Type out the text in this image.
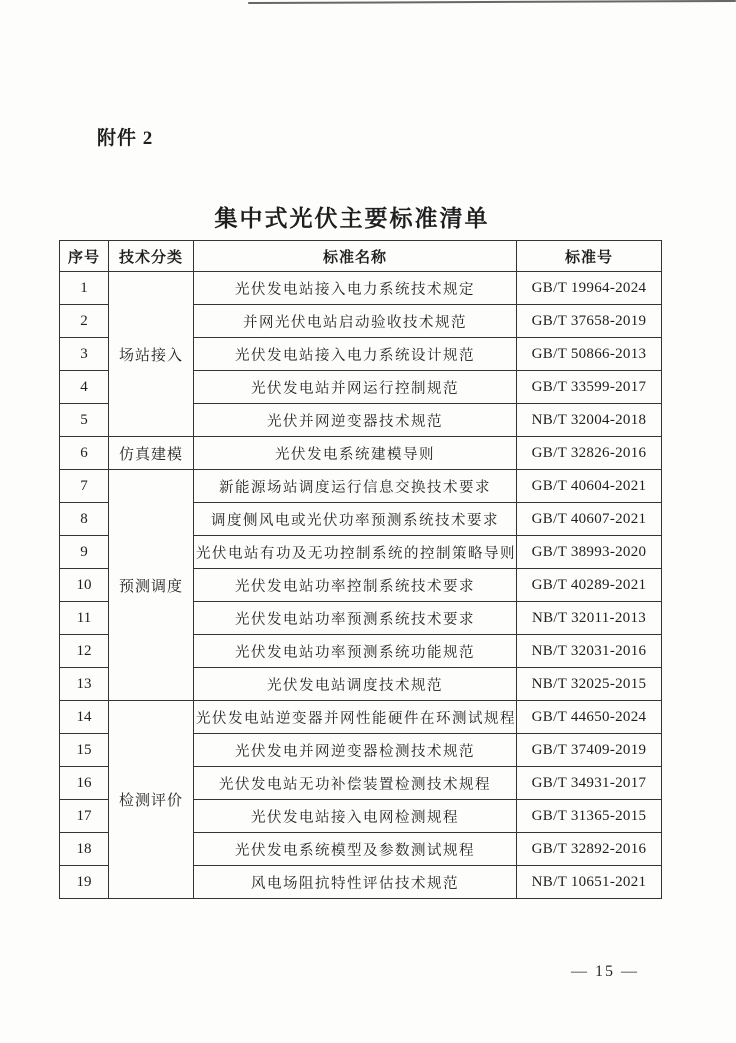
附件 2
集中式光伏主要标准清单
序号	技术分类	标准名称	标准号
1	场站接入	光伏发电站接入电力系统技术规定	GB/T 19964-2024
2		并网光伏电站启动验收技术规范	GB/T 37658-2019
3		光伏发电站接入电力系统设计规范	GB/T 50866-2013
4		光伏发电站并网运行控制规范	GB/T 33599-2017
5		光伏并网逆变器技术规范	NB/T 32004-2018
6	仿真建模	光伏发电系统建模导则	GB/T 32826-2016
7	预测调度	新能源场站调度运行信息交换技术要求	GB/T 40604-2021
8		调度侧风电或光伏功率预测系统技术要求	GB/T 40607-2021
9		光伏电站有功及无功控制系统的控制策略导则	GB/T 38993-2020
10		光伏发电站功率控制系统技术要求	GB/T 40289-2021
11		光伏发电站功率预测系统技术要求	NB/T 32011-2013
12		光伏发电站功率预测系统功能规范	NB/T 32031-2016
13		光伏发电站调度技术规范	NB/T 32025-2015
14	检测评价	光伏发电站逆变器并网性能硬件在环测试规程	GB/T 44650-2024
15		光伏发电并网逆变器检测技术规范	GB/T 37409-2019
16		光伏发电站无功补偿装置检测技术规程	GB/T 34931-2017
17		光伏发电站接入电网检测规程	GB/T 31365-2015
18		光伏发电系统模型及参数测试规程	GB/T 32892-2016
19		风电场阻抗特性评估技术规范	NB/T 10651-2021
— 15 —
